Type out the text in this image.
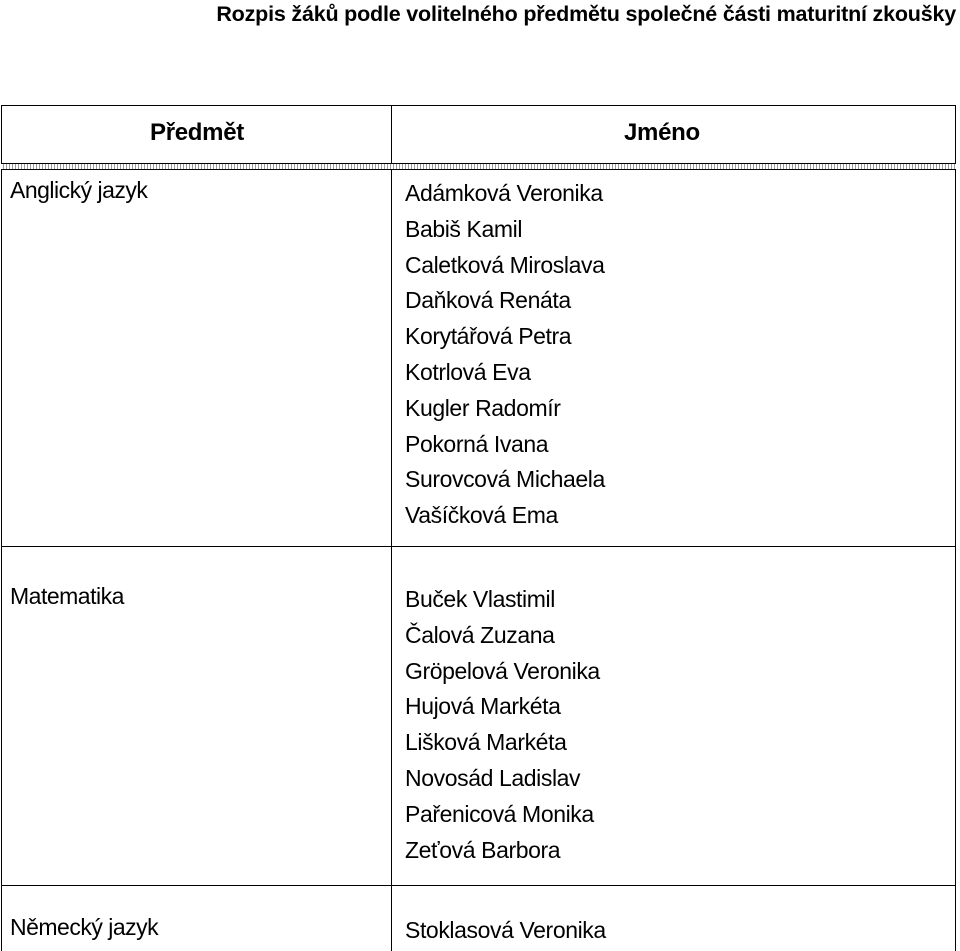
Rozpis žáků podle volitelného předmětu společné části maturitní zkoušky
Předmět	Jméno
Anglický jazyk	Adámková Veronika
Babiš Kamil
Caletková Miroslava
Daňková Renáta
Korytářová Petra
Kotrlová Eva
Kugler Radomír
Pokorná Ivana
Surovcová Michaela
Vašíčková Ema
Matematika	Buček Vlastimil
Čalová Zuzana
Gröpelová Veronika
Hujová Markéta
Lišková Markéta
Novosád Ladislav
Pařenicová Monika
Zeťová Barbora
Německý jazyk	Stoklasová Veronika
